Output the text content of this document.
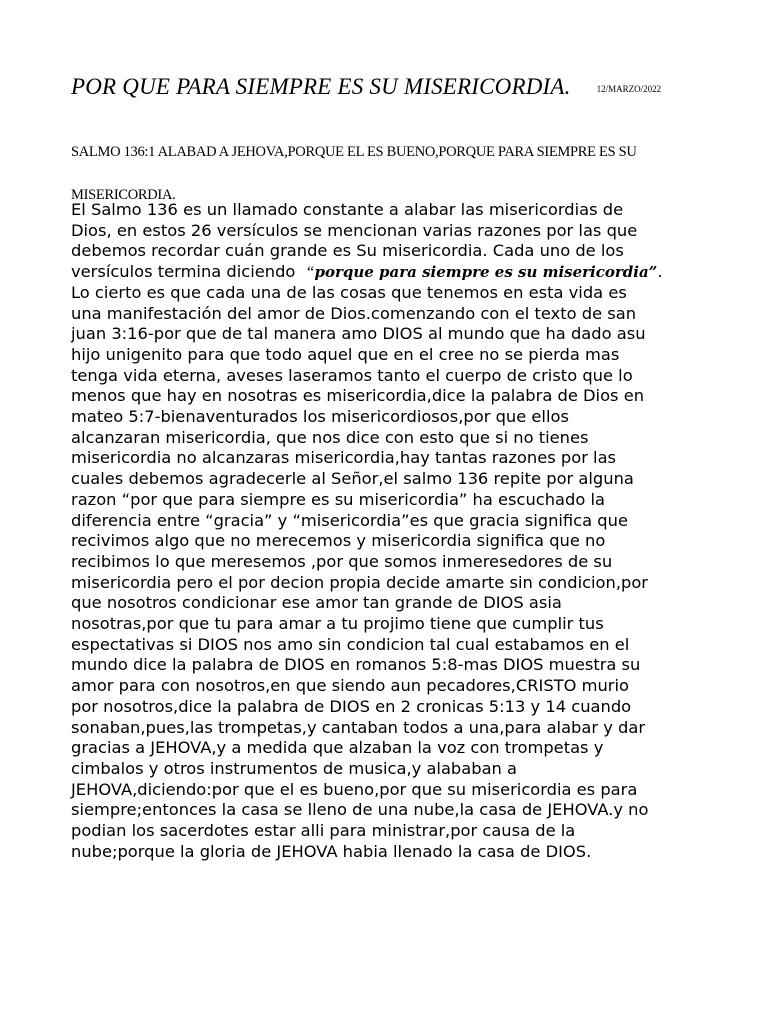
POR QUE PARA SIEMPRE ES SU MISERICORDIA.	12/MARZO/2022
SALMO 136:1 ALABAD A JEHOVA,PORQUE EL ES BUENO,PORQUE PARA SIEMPRE ES SU
MISERICORDIA.
El Salmo 136 es un llamado constante a alabar las misericordias de
Dios, en estos 26 versículos se mencionan varias razones por las que
debemos recordar cuán grande es Su misericordia. Cada uno de los
versículos termina diciendo “porque para siempre es su misericordia”.
Lo cierto es que cada una de las cosas que tenemos en esta vida es
una manifestación del amor de Dios.comenzando con el texto de san
juan 3:16-por que de tal manera amo DIOS al mundo que ha dado asu
hijo unigenito para que todo aquel que en el cree no se pierda mas
tenga vida eterna, aveses laseramos tanto el cuerpo de cristo que lo
menos que hay en nosotras es misericordia,dice la palabra de Dios en
mateo 5:7-bienaventurados los misericordiosos,por que ellos
alcanzaran misericordia, que nos dice con esto que si no tienes
misericordia no alcanzaras misericordia,hay tantas razones por las
cuales debemos agradecerle al Señor,el salmo 136 repite por alguna
razon “por que para siempre es su misericordia” ha escuchado la
diferencia entre “gracia” y “misericordia”es que gracia significa que
recivimos algo que no merecemos y misericordia significa que no
recibimos lo que meresemos ,por que somos inmeresedores de su
misericordia pero el por decion propia decide amarte sin condicion,por
que nosotros condicionar ese amor tan grande de DIOS asia
nosotras,por que tu para amar a tu projimo tiene que cumplir tus
espectativas si DIOS nos amo sin condicion tal cual estabamos en el
mundo dice la palabra de DIOS en romanos 5:8-mas DIOS muestra su
amor para con nosotros,en que siendo aun pecadores,CRISTO murio
por nosotros,dice la palabra de DIOS en 2 cronicas 5:13 y 14 cuando
sonaban,pues,las trompetas,y cantaban todos a una,para alabar y dar
gracias a JEHOVA,y a medida que alzaban la voz con trompetas y
cimbalos y otros instrumentos de musica,y alababan a
JEHOVA,diciendo:por que el es bueno,por que su misericordia es para
siempre;entonces la casa se lleno de una nube,la casa de JEHOVA.y no
podian los sacerdotes estar alli para ministrar,por causa de la
nube;porque la gloria de JEHOVA habia llenado la casa de DIOS.
